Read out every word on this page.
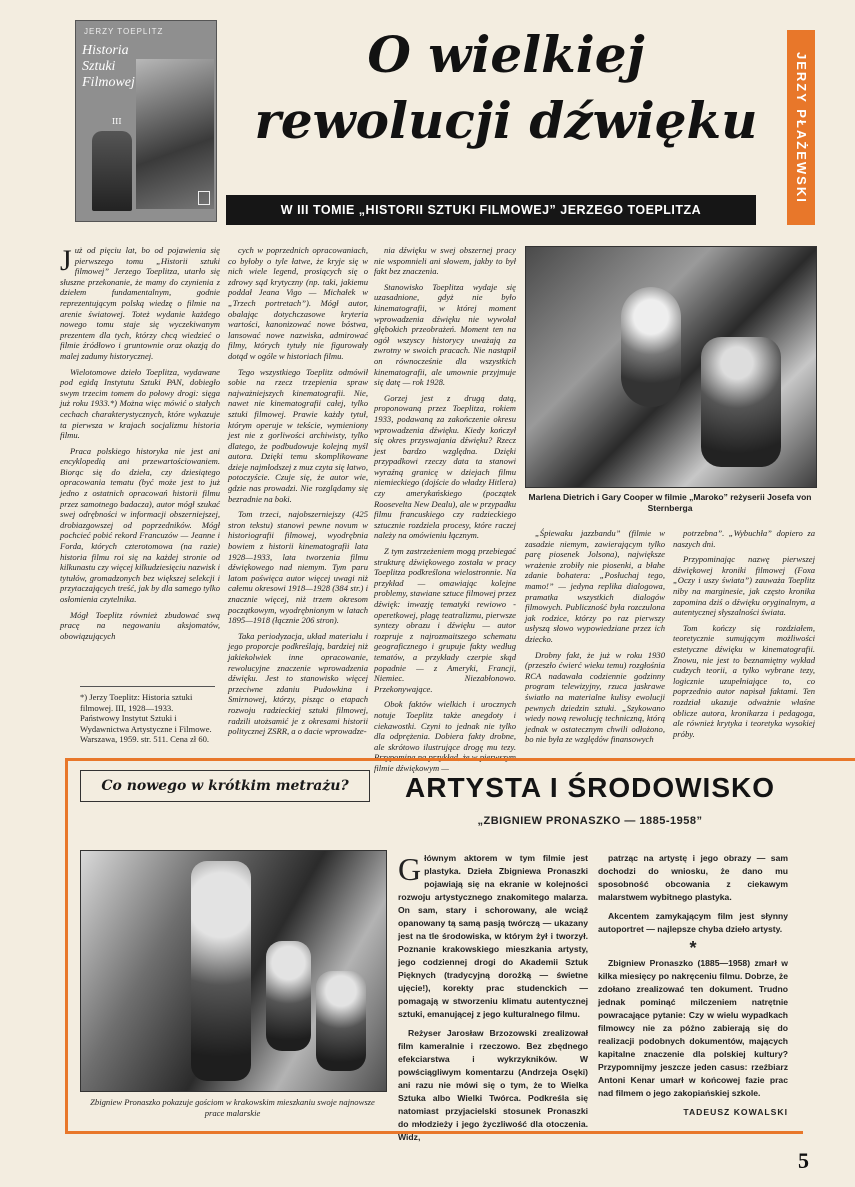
JERZY TOEPLITZ
Historia
Sztuki
Filmowej
III
O wielkiej
rewolucji dźwięku	JERZY PŁAŻEWSKI
W III TOMIE „HISTORII SZTUKI FILMOWEJ” JERZEGO TOEPLITZA
J uż od pięciu lat, bo od pojawienia się pierwszego tomu „Historii sztuki filmowej” Jerzego Toeplitza, utarło się słuszne przekonanie, że mamy do czynienia z dziełem fundamentalnym, godnie reprezentującym polską wiedzę o filmie na arenie światowej. Toteż wydanie każdego nowego tomu staje się wyczekiwanym prezentem dla tych, którzy chcą wiedzieć o filmie źródłowo i gruntownie oraz okazją do malej zadumy historycznej.

Wielotomowe dzieło Toeplitza, wydawane pod egidą Instytutu Sztuki PAN, dobiegło swym trzecim tomem do połowy drogi: sięga już roku 1933.*) Można więc mówić o stałych cechach charakterystycznych, które wykazuje ta pierwsza w krajach socjalizmu historia filmu.

Praca polskiego historyka nie jest ani encyklopedią ani przewartościowaniem. Biorąc się do dzieła, czy dziesiątego opracowania tematu (być może jest to już jedno z ostatnich opracowań historii filmu przez samotnego badacza), autor mógł szukać swej odrębności w informacji obszerniejszej, drobiazgowszej od poprzedników. Mógł pochcieć pobić rekord Francuzów — Jeanne i Forda, których czterotomowa (na razie) historia filmu roi się na każdej stronie od kilkunastu czy więcej kilkudziesięciu nazwisk i tytułów, gromadzonych bez większej selekcji i przytaczających treść, jak by dla samego tylko osłomienia czytelnika.

Mógł Toeplitz również zbudować swą pracę na negowaniu aksjomatów, obowiązujących

*) Jerzy Toeplitz: Historia sztuki filmowej. III, 1928—1933. Państwowy Instytut Sztuki i Wydawnictwa Artystyczne i Filmowe. Warszawa, 1959. str. 511. Cena zł 60.

cych w poprzednich opracowaniach, co byłoby o tyle łatwe, że kryje się w nich wiele legend, prosiących się o zdrowy sąd krytyczny (np. taki, jakiemu poddał Jeana Vigo — Michałek w „Trzech portretach”). Mógł autor, obalając dotychczasowe kryteria wartości, kanonizować nowe bóstwa, lansować nowe nazwiska, admirować filmy, których tytuły nie figurowały dotąd w ogóle w historiach filmu.

Tego wszystkiego Toeplitz odmówił sobie na rzecz trzepienia spraw najważniejszych kinematografii. Nie, nawet nie kinematografii całej, tylko sztuki filmowej. Prawie każdy tytuł, którym operuje w tekście, wymieniony jest nie z gorliwości archiwisty, tylko dlatego, że podbudowuje kolejną myśl autora. Dzięki temu skomplikowane dzieje najmłodszej z muz czyta się łatwo, potoczyście. Czuje się, że autor wie, gdzie nas prowadzi. Nie rozglądamy się bezradnie na boki.

Tom trzeci, najobszerniejszy (425 stron tekstu) stanowi pewne novum w historiografii filmowej, wyodrębnia bowiem z historii kinematografii lata 1928—1933, lata tworzenia filmu dźwiękowego nad niemym. Tym paru latom poświęca autor więcej uwagi niż całemu okresowi 1918—1928 (384 str.) i znacznie więcej, niż trzem okresom początkowym, wyodrębnionym w latach 1895—1918 (łącznie 206 stron).

Taka periodyzacja, układ materiału i jego proporcje podkreślają, bardziej niż jakiekolwiek inne opracowanie, rewolucyjne znaczenie wprowadzenia dźwięku. Jest to stanowisko więcej przeciwne zdaniu Pudowkina i Smirnowej, którzy, pisząc o etapach rozwoju radzieckiej sztuki filmowej, radzili utożsamić je z okresami historii politycznej ZSRR, a o dacie wprowadze-

nia dźwięku w swej obszernej pracy nie wspomnieli ani słowem, jakby to był fakt bez znaczenia.

Stanowisko Toeplitza wydaje się uzasadnione, gdyż nie było kinematografii, w której moment wprowadzenia dźwięku nie wywołał głębokich przeobrażeń. Moment ten na ogół wszyscy historycy uważają za zwrotny w swoich pracach. Nie nastąpił on równocześnie dla wszystkich kinematografii, ale umownie przyjmuje się datę — rok 1928.

Gorzej jest z drugą datą, proponowaną przez Toeplitza, rokiem 1933, podawaną za zakończenie okresu wprowadzenia dźwięku. Kiedy kończył się okres przyswajania dźwięku? Rzecz jest bardzo względna. Dzięki przypadkowi rzeczy data ta stanowi wyraźną granicę w dziejach filmu niemieckiego (dojście do władzy Hitlera) czy amerykańskiego (początek Roosevelta New Dealu), ale w przypadku filmu francuskiego czy radzieckiego sztucznie rozdziela procesy, które raczej należy na omówieniu łącznym.

Z tym zastrzeżeniem mogą przebiegać strukturę dźwiękowego została w pracy Toeplitza podkreślona wielostronnie. Na przykład — omawiając kolejne problemy, stawiane sztuce filmowej przez dźwięk: inwazję tematyki rewiowo - operetkowej, plagę teatralizmu, pierwsze syntezy obrazu i dźwięku — autor rozpruje z najrozmaitszego schematu geograficznego i grupuje fakty według tematów, a przykłady czerpie skąd popadnie — z Ameryki, Francji, Niemiec. Niezabłonowo. Przekonywające.

Obok faktów wielkich i urocznych notuje Toeplitz także anegdoty i ciekawostki. Czyni to jednak nie tylko dla odprężenia. Dobiera fakty drobne, ale skrótowo ilustrujące drogę mu tezy. filmie dźwiękowym —

Marlena Dietrich i Gary Cooper w filmie „Maroko” reżyserii Josefa von Sternberga

„Śpiewaku jazzbandu” (filmie w zasadzie niemym, zawierającym tylko parę piosenek Jolsona), największe wrażenie zrobiły nie piosenki, a błahe zdanie bohatera: „Posłuchaj tego, mamo!” — jedyna replika dialogowa, pramatka wszystkich dialogów filmowych. Publiczność była rozczulona jak rodzice, którzy po raz pierwszy usłyszą słowo wypowiedziane przez ich dziecko.

Drobny fakt, że już w roku 1930 (przeszło ćwierć wieku temu) rozgłośnia RCA nadawała codziennie godzinny program telewizyjny, rzuca jaskrawe światło na materialne kulisy ewolucji pewnych dziedzin sztuki. „Szykowano wiedy nową rewolucję techniczną, którą jednak w ostatecznym chwili odłożono, bo nie była ze względów finansowych

potrzebna”. „Wybuchła” dopiero za naszych dni.

Przypominając nazwę pierwszej dźwiękowej kroniki filmowej (Foxa „Oczy i uszy świata”) zauważa Toeplitz niby na marginesie, jak często kronika zapomina dziś o dźwięku oryginalnym, a autentycznej słyszalności świata.

Tom kończy się rozdziałem, teoretycznie sumującym możliwości estetyczne dźwięku w kinematografii. Znowu, nie jest to beznamiętny wykład cudzych teorii, a tylko wybrane tezy, logicznie uzupełniające to, co poprzednio autor napisał faktami. Ten rozdział ukazuje odważnie właśne oblicze autora, kronikarza i pedagoga, ale również krytyka i teoretyka wysokiej próby.

Co nowego w krótkim metrażu?	ARTYSTA I ŚRODOWISKO
„ZBIGNIEW PRONASZKO — 1885-1958”
Zbigniew Pronaszko pokazuje gościom w krakowskim mieszkaniu swoje najnowsze prace malarskie
G łównym aktorem w tym filmie jest plastyka. Dzieła Zbigniewa Pronaszki pojawiają się na ekranie w kolejności rozwoju artystycznego znakomitego malarza. On sam, stary i schorowany, ale wciąż opanowany tą samą pasją twórczą — ukazany jest na tle środowiska, w którym żył i tworzył. Poznanie krakowskiego mieszkania artysty, jego codziennej drogi do Akademii Sztuk Pięknych (tradycyjną dorożką — świetne ujęcie!), korekty prac studenckich — pomagają w stworzeniu klimatu autentycznej sztuki, emanującej z jego kulturalnego filmu.

Reżyser Jarosław Brzozowski zrealizował film kameralnie i rzeczowo. Bez zbędnego efekciarstwa i wykrzykników. W powściągliwym komentarzu (Andrzeja Osęki) ani razu nie mówi się o tym, że to Wielka Sztuka albo Wielki Twórca. Podkreśla się natomiast przyjacielski stosunek Pronaszki do młodzieży i jego życzliwość dla otoczenia. Widz,

patrząc na artystę i jego obrazy — sam dochodzi do wniosku, że dano mu sposobność obcowania z ciekawym malarstwem wybitnego plastyka.

Akcentem zamykającym film jest słynny autoportret — najlepsze chyba dzieło artysty.

*

Zbigniew Pronaszko (1885—1958) zmarł w kilka miesięcy po nakręceniu filmu. Dobrze, że zdołano zrealizować ten dokument. Trudno jednak pominąć milczeniem natrętnie powracające pytanie: Czy w wielu wypadkach filmowcy nie za późno zabierają się do realizacji podobnych dokumentów, mających kapitalne znaczenie dla polskiej kultury? Przypomnijmy jeszcze jeden casus: rzeźbiarz Antoni Kenar umarł w końcowej fazie prac nad filmem o jego zakopiańskiej szkole.

TADEUSZ KOWALSKI
5
